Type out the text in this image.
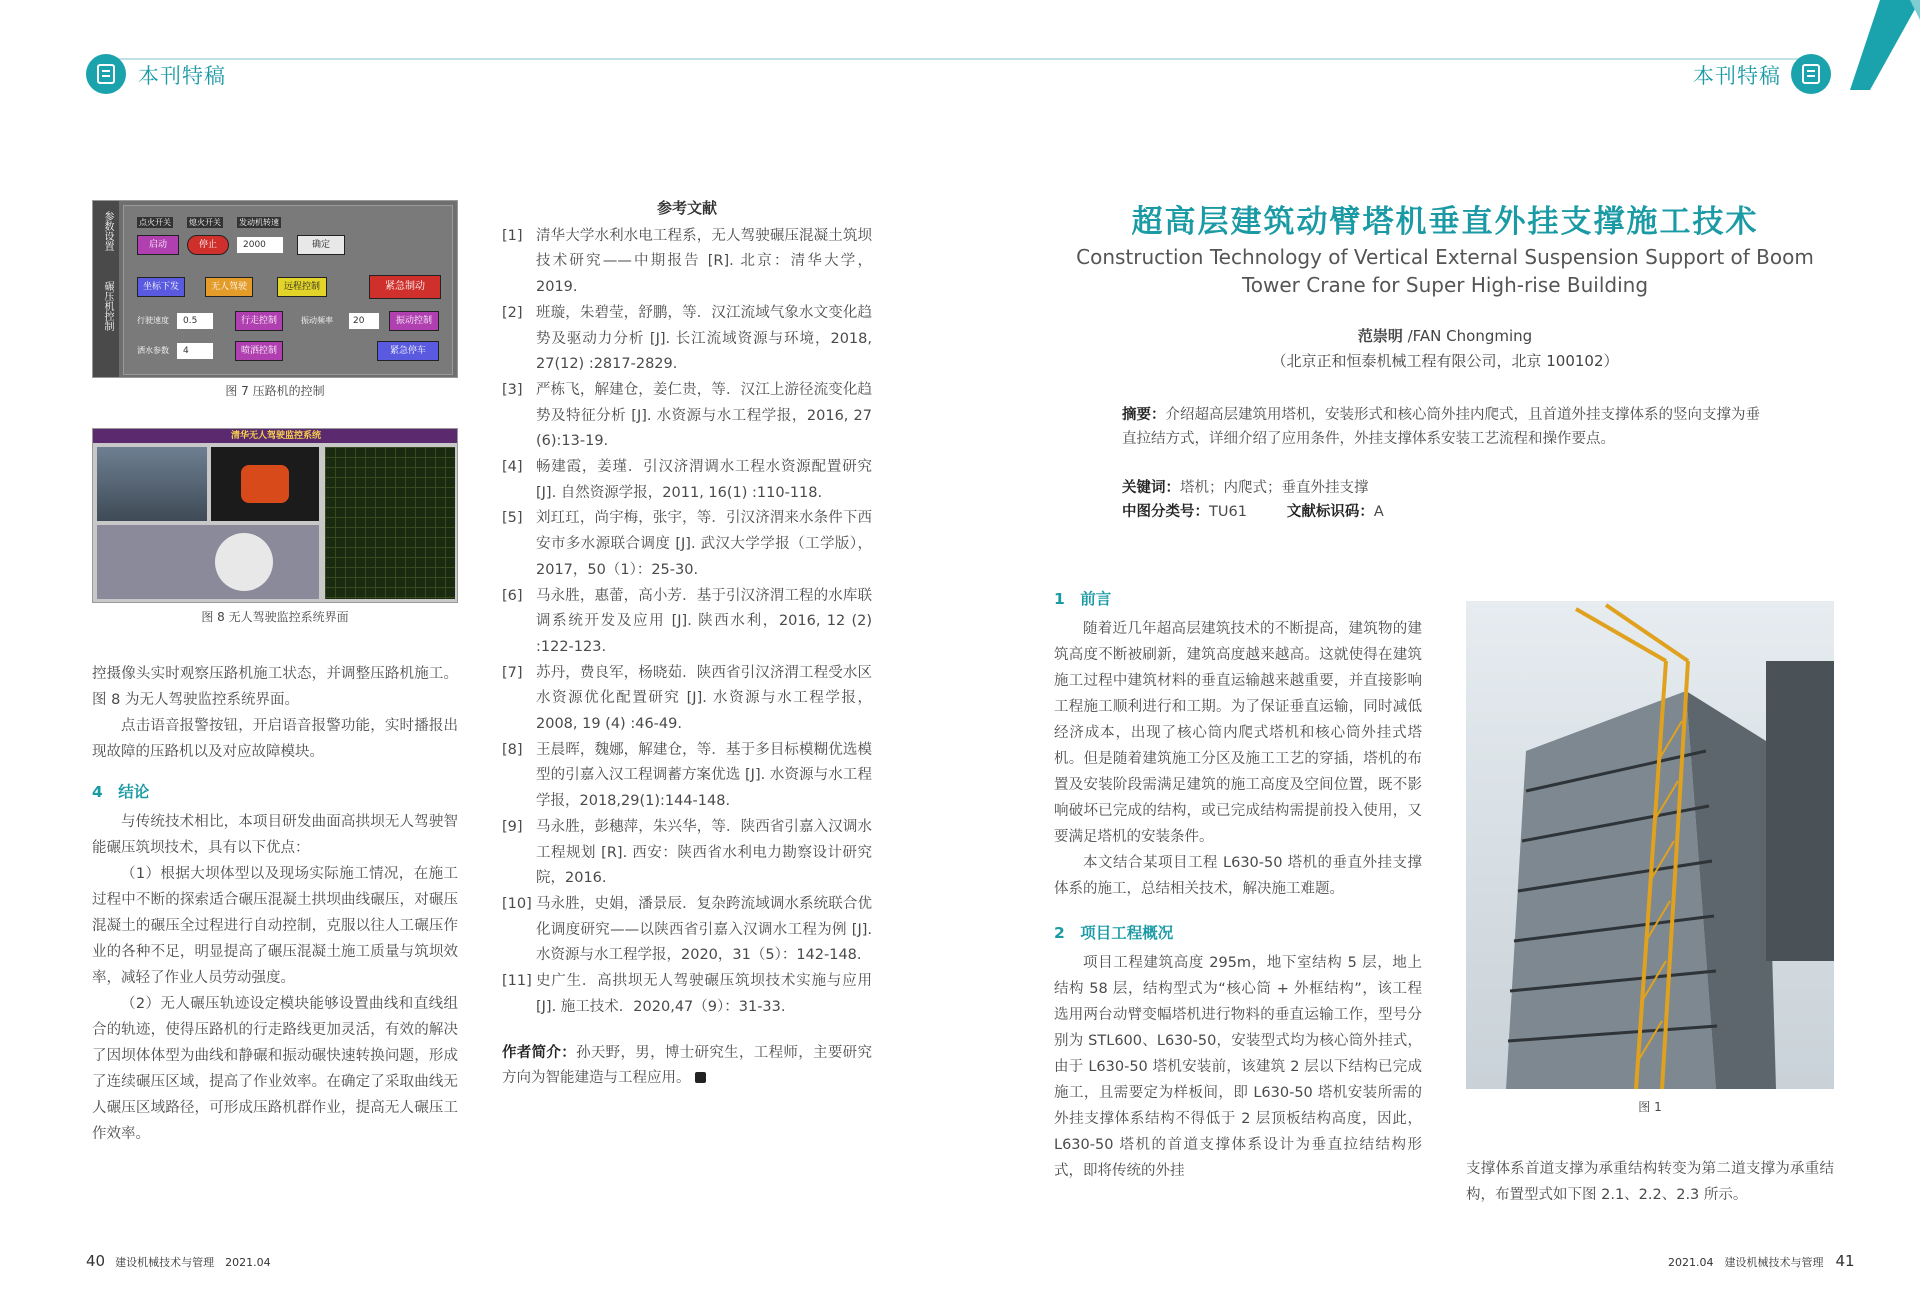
本刊特稿	本刊特稿
参数设置
碾压机控制
点火开关 熄火开关 发动机转速
启动	停止	2000	确定
坐标下发	无人驾驶	远程控制	紧急制动
行驶速度	0.5	行走控制	振动频率	20	振动控制
洒水参数	4	喷洒控制	紧急停车
图 7 压路机的控制
清华无人驾驶监控系统
图 8 无人驾驶监控系统界面

控摄像头实时观察压路机施工状态，并调整压路机施工。图 8 为无人驾驶监控系统界面。

点击语音报警按钮，开启语音报警功能，实时播报出现故障的压路机以及对应故障模块。

4　结论

与传统技术相比，本项目研发曲面高拱坝无人驾驶智能碾压筑坝技术，具有以下优点：

（1）根据大坝体型以及现场实际施工情况，在施工过程中不断的探索适合碾压混凝土拱坝曲线碾压，对碾压混凝土的碾压全过程进行自动控制，克服以往人工碾压作业的各种不足，明显提高了碾压混凝土施工质量与筑坝效率，减轻了作业人员劳动强度。

（2）无人碾压轨迹设定模块能够设置曲线和直线组合的轨迹，使得压路机的行走路线更加灵活，有效的解决了因坝体体型为曲线和静碾和振动碾快速转换问题，形成了连续碾压区域，提高了作业效率。在确定了采取曲线无人碾压区域路径，可形成压路机群作业，提高无人碾压工作效率。

参考文献
[1] 清华大学水利水电工程系，无人驾驶碾压混凝土筑坝技术研究——中期报告 [R]. 北京：清华大学，2019.
[2] 班璇，朱碧莹，舒鹏，等．汉江流域气象水文变化趋势及驱动力分析 [J]. 长江流域资源与环境，2018, 27(12) :2817-2829.
[3] 严栋飞，解建仓，姜仁贵，等．汉江上游径流变化趋势及特征分析 [J]. 水资源与水工程学报，2016, 27 (6):13-19.
[4] 畅建霞，姜瑾．引汉济渭调水工程水资源配置研究 [J]. 自然资源学报，2011, 16(1) :110-118.
[5] 刘玒玒，尚宇梅，张宇，等．引汉济渭来水条件下西安市多水源联合调度 [J]. 武汉大学学报（工学版），2017，50（1）：25-30.
[6] 马永胜，惠蕾，高小芳．基于引汉济渭工程的水库联调系统开发及应用 [J]. 陕西水利，2016, 12 (2) :122-123.
[7] 苏丹，费良军，杨晓茹．陕西省引汉济渭工程受水区水资源优化配置研究 [J]. 水资源与水工程学报，2008, 19 (4) :46-49.
[8] 王晨晖，魏娜，解建仓，等．基于多目标模糊优选模型的引嘉入汉工程调蓄方案优选 [J]. 水资源与水工程学报，2018,29(1):144-148.
[9] 马永胜，彭穗萍，朱兴华，等．陕西省引嘉入汉调水工程规划 [R]. 西安：陕西省水利电力勘察设计研究院，2016.
[10] 马永胜，史娟，潘景辰．复杂跨流域调水系统联合优化调度研究——以陕西省引嘉入汉调水工程为例 [J]. 水资源与水工程学报，2020，31（5）：142-148.
[11] 史广生．高拱坝无人驾驶碾压筑坝技术实施与应用 [J]. 施工技术．2020,47（9）：31-33.
作者简介：孙天野，男，博士研究生，工程师，主要研究方向为智能建造与工程应用。
超高层建筑动臂塔机垂直外挂支撑施工技术
Construction Technology of Vertical External Suspension Support of Boom Tower Crane for Super High-rise Building
范崇明 /FAN Chongming
（北京正和恒泰机械工程有限公司，北京 100102）
摘要：介绍超高层建筑用塔机，安装形式和核心筒外挂内爬式，且首道外挂支撑体系的竖向支撑为垂直拉结方式，详细介绍了应用条件，外挂支撑体系安装工艺流程和操作要点。
关键词：塔机；内爬式；垂直外挂支撑
中图分类号：TU61	文献标识码：A
1　前言

随着近几年超高层建筑技术的不断提高，建筑物的建筑高度不断被刷新，建筑高度越来越高。这就使得在建筑施工过程中建筑材料的垂直运输越来越重要，并直接影响工程施工顺利进行和工期。为了保证垂直运输，同时减低经济成本，出现了核心筒内爬式塔机和核心筒外挂式塔机。但是随着建筑施工分区及施工工艺的穿插，塔机的布置及安装阶段需满足建筑的施工高度及空间位置，既不影响破坏已完成的结构，或已完成结构需提前投入使用，又要满足塔机的安装条件。

本文结合某项目工程 L630-50 塔机的垂直外挂支撑体系的施工，总结相关技术，解决施工难题。

2　项目工程概况

项目工程建筑高度 295m，地下室结构 5 层，地上结构 58 层，结构型式为“核心筒 + 外框结构”，该工程选用两台动臂变幅塔机进行物料的垂直运输工作，型号分别为 STL600、L630-50，安装型式均为核心筒外挂式，由于 L630-50 塔机安装前，该建筑 2 层以下结构已完成施工，且需要定为样板间，即 L630-50 塔机安装所需的外挂支撑体系结构不得低于 2 层顶板结构高度，因此，L630-50 塔机的首道支撑体系设计为垂直拉结结构形式，即将传统的外挂

图 1

支撑体系首道支撑为承重结构转变为第二道支撑为承重结构，布置型式如下图 2.1、2.2、2.3 所示。

40 建设机械技术与管理　2021.04	2021.04　建设机械技术与管理 41
